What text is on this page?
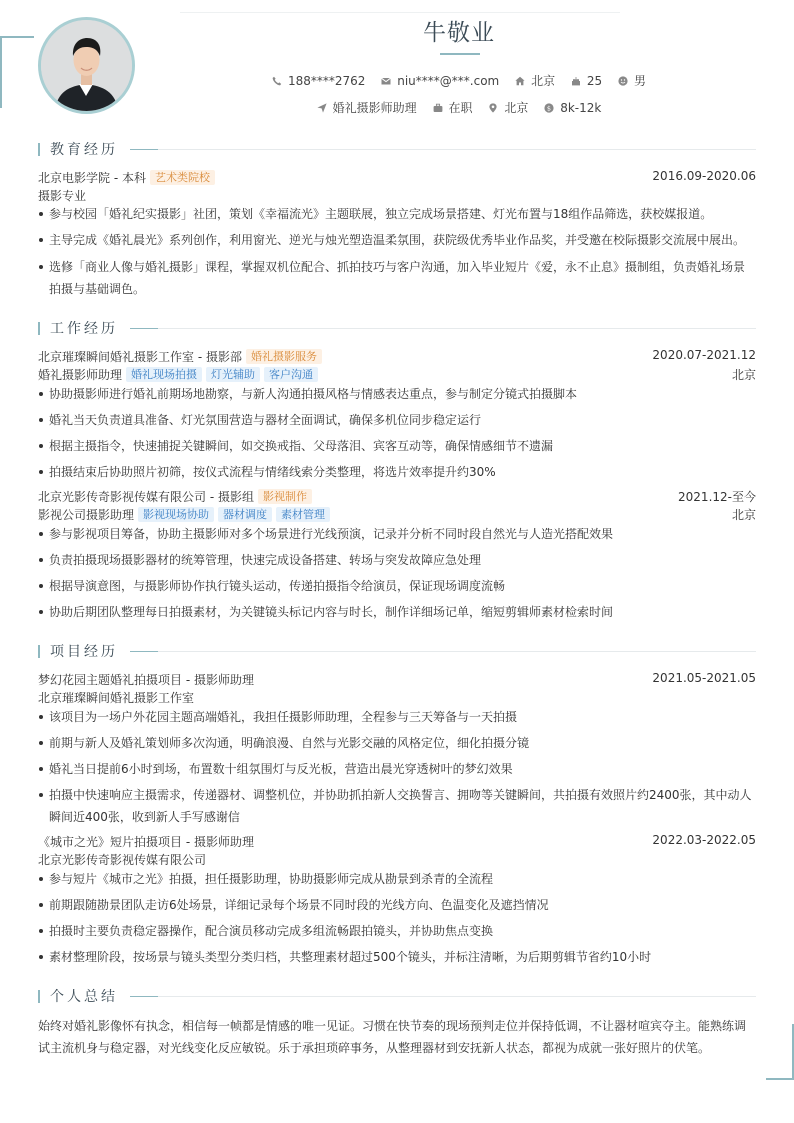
牛敬业
188****2762	niu****@***.com	北京	25	男
婚礼摄影师助理	在职	北京	$ 8k-12k
教育经历
北京电影学院 - 本科 艺术类院校	2016.09-2020.06
摄影专业
参与校园「婚礼纪实摄影」社团，策划《幸福流光》主题联展，独立完成场景搭建、灯光布置与18组作品筛选，获校媒报道。
主导完成《婚礼晨光》系列创作，利用窗光、逆光与烛光塑造温柔氛围，获院级优秀毕业作品奖，并受邀在校际摄影交流展中展出。
选修「商业人像与婚礼摄影」课程，掌握双机位配合、抓拍技巧与客户沟通，加入毕业短片《爱，永不止息》摄制组，负责婚礼场景
拍摄与基础调色。
工作经历
北京璀璨瞬间婚礼摄影工作室 - 摄影部 婚礼摄影服务	2020.07-2021.12
婚礼摄影师助理 婚礼现场拍摄 灯光辅助 客户沟通	北京
协助摄影师进行婚礼前期场地勘察，与新人沟通拍摄风格与情感表达重点，参与制定分镜式拍摄脚本
婚礼当天负责道具准备、灯光氛围营造与器材全面调试，确保多机位同步稳定运行
根据主摄指令，快速捕捉关键瞬间，如交换戒指、父母落泪、宾客互动等，确保情感细节不遗漏
拍摄结束后协助照片初筛，按仪式流程与情绪线索分类整理，将选片效率提升约30%
北京光影传奇影视传媒有限公司 - 摄影组 影视制作	2021.12-至今
影视公司摄影助理 影视现场协助 器材调度 素材管理	北京
参与影视项目筹备，协助主摄影师对多个场景进行光线预演，记录并分析不同时段自然光与人造光搭配效果
负责拍摄现场摄影器材的统筹管理，快速完成设备搭建、转场与突发故障应急处理
根据导演意图，与摄影师协作执行镜头运动，传递拍摄指令给演员，保证现场调度流畅
协助后期团队整理每日拍摄素材，为关键镜头标记内容与时长，制作详细场记单，缩短剪辑师素材检索时间
项目经历
梦幻花园主题婚礼拍摄项目 - 摄影师助理	2021.05-2021.05
北京璀璨瞬间婚礼摄影工作室
该项目为一场户外花园主题高端婚礼，我担任摄影师助理，全程参与三天筹备与一天拍摄
前期与新人及婚礼策划师多次沟通，明确浪漫、自然与光影交融的风格定位，细化拍摄分镜
婚礼当日提前6小时到场，布置数十组氛围灯与反光板，营造出晨光穿透树叶的梦幻效果
拍摄中快速响应主摄需求，传递器材、调整机位，并协助抓拍新人交换誓言、拥吻等关键瞬间，共拍摄有效照片约2400张，其中动人
瞬间近400张，收到新人手写感谢信
《城市之光》短片拍摄项目 - 摄影师助理	2022.03-2022.05
北京光影传奇影视传媒有限公司
参与短片《城市之光》拍摄，担任摄影助理，协助摄影师完成从勘景到杀青的全流程
前期跟随勘景团队走访6处场景，详细记录每个场景不同时段的光线方向、色温变化及遮挡情况
拍摄时主要负责稳定器操作，配合演员移动完成多组流畅跟拍镜头，并协助焦点变换
素材整理阶段，按场景与镜头类型分类归档，共整理素材超过500个镜头，并标注清晰，为后期剪辑节省约10小时
个人总结
始终对婚礼影像怀有执念，相信每一帧都是情感的唯一见证。习惯在快节奏的现场预判走位并保持低调，不让器材喧宾夺主。能熟练调试主流机身与稳定器，对光线变化反应敏锐。乐于承担琐碎事务，从整理器材到安抚新人状态，都视为成就一张好照片的伏笔。
